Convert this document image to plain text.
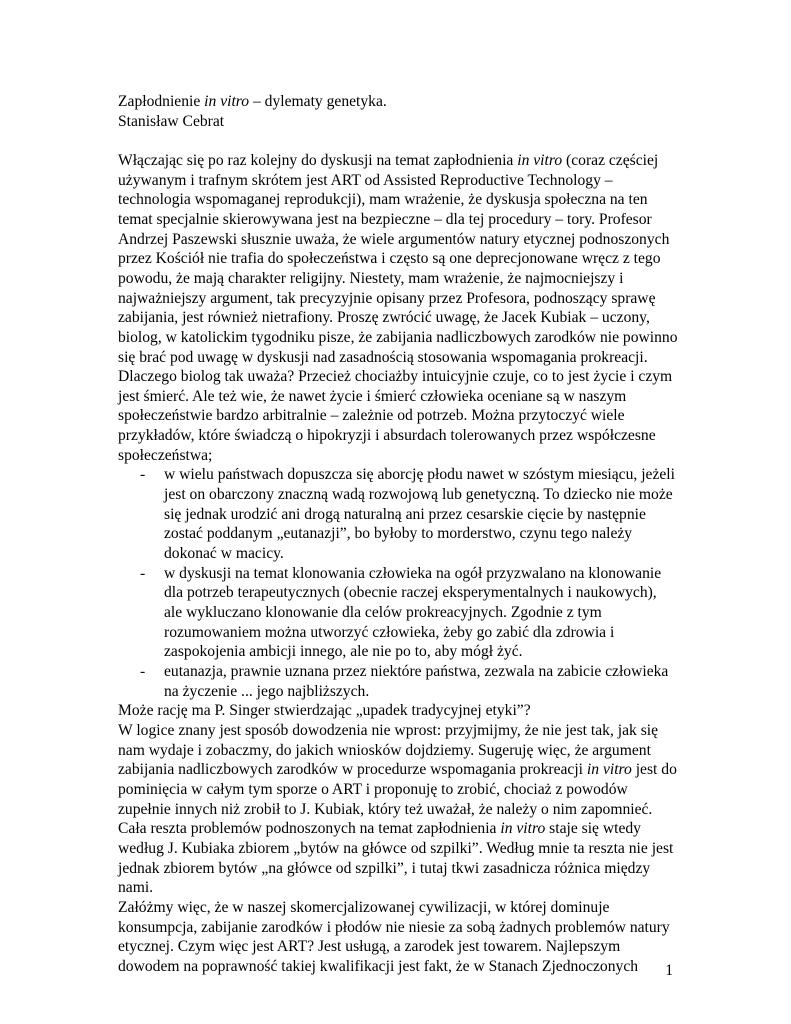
Zapłodnienie in vitro – dylematy genetyka.
Stanisław Cebrat
Włączając się po raz kolejny do dyskusji na temat zapłodnienia in vitro (coraz częściej
używanym i trafnym skrótem jest ART od Assisted Reproductive Technology –
technologia wspomaganej reprodukcji), mam wrażenie, że dyskusja społeczna na ten
temat specjalnie skierowywana jest na bezpieczne – dla tej procedury – tory. Profesor
Andrzej Paszewski słusznie uważa, że wiele argumentów natury etycznej podnoszonych
przez Kościół nie trafia do społeczeństwa i często są one deprecjonowane wręcz z tego
powodu, że mają charakter religijny. Niestety, mam wrażenie, że najmocniejszy i
najważniejszy argument, tak precyzyjnie opisany przez Profesora, podnoszący sprawę
zabijania, jest również nietrafiony. Proszę zwrócić uwagę, że Jacek Kubiak – uczony,
biolog, w katolickim tygodniku pisze, że zabijania nadliczbowych zarodków nie powinno
się brać pod uwagę w dyskusji nad zasadnością stosowania wspomagania prokreacji.
Dlaczego biolog tak uważa? Przecież chociażby intuicyjnie czuje, co to jest życie i czym
jest śmierć. Ale też wie, że nawet życie i śmierć człowieka oceniane są w naszym
społeczeństwie bardzo arbitralnie – zależnie od potrzeb. Można przytoczyć wiele
przykładów, które świadczą o hipokryzji i absurdach tolerowanych przez współczesne
społeczeństwa;
-	w wielu państwach dopuszcza się aborcję płodu nawet w szóstym miesiącu, jeżeli
jest on obarczony znaczną wadą rozwojową lub genetyczną. To dziecko nie może
się jednak urodzić ani drogą naturalną ani przez cesarskie cięcie by następnie
zostać poddanym „eutanazji”, bo byłoby to morderstwo, czynu tego należy
dokonać w macicy.
-	w dyskusji na temat klonowania człowieka na ogół przyzwalano na klonowanie
dla potrzeb terapeutycznych (obecnie raczej eksperymentalnych i naukowych),
ale wykluczano klonowanie dla celów prokreacyjnych. Zgodnie z tym
rozumowaniem można utworzyć człowieka, żeby go zabić dla zdrowia i
zaspokojenia ambicji innego, ale nie po to, aby mógł żyć.
-	eutanazja, prawnie uznana przez niektóre państwa, zezwala na zabicie człowieka
na życzenie ... jego najbliższych.
Może rację ma P. Singer stwierdzając „upadek tradycyjnej etyki”?
W logice znany jest sposób dowodzenia nie wprost: przyjmijmy, że nie jest tak, jak się
nam wydaje i zobaczmy, do jakich wniosków dojdziemy. Sugeruję więc, że argument
zabijania nadliczbowych zarodków w procedurze wspomagania prokreacji in vitro jest do
pominięcia w całym tym sporze o ART i proponuję to zrobić, chociaż z powodów
zupełnie innych niż zrobił to J. Kubiak, który też uważał, że należy o nim zapomnieć.
Cała reszta problemów podnoszonych na temat zapłodnienia in vitro staje się wtedy
według J. Kubiaka zbiorem „bytów na główce od szpilki”. Według mnie ta reszta nie jest
jednak zbiorem bytów „na główce od szpilki”, i tutaj tkwi zasadnicza różnica między
nami.
Załóżmy więc, że w naszej skomercjalizowanej cywilizacji, w której dominuje
konsumpcja, zabijanie zarodków i płodów nie niesie za sobą żadnych problemów natury
etycznej. Czym więc jest ART? Jest usługą, a zarodek jest towarem. Najlepszym
dowodem na poprawność takiej kwalifikacji jest fakt, że w Stanach Zjednoczonych	1
